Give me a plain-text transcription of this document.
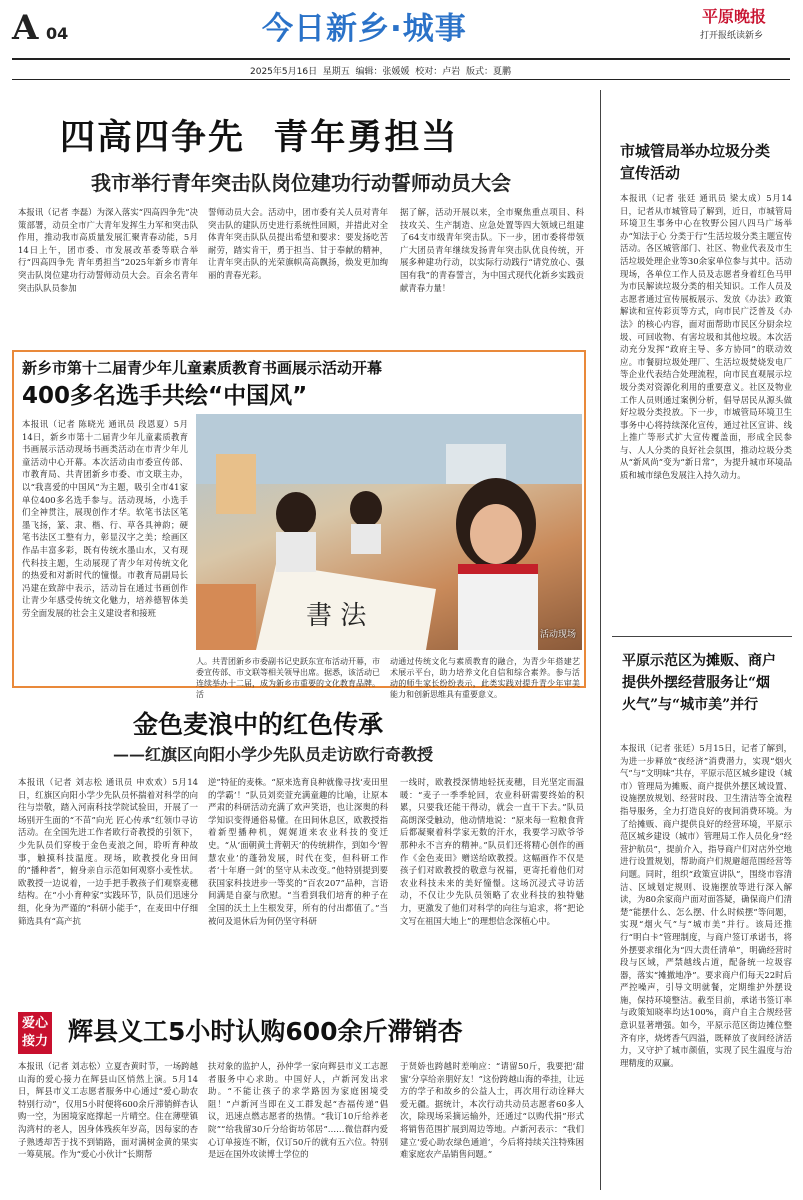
A 04	今日新乡·城事	平原晚报
打开报纸读新乡
2025年5月16日  星期五  编辑：张媛媛  校对：卢岩  版式：夏鹏
四高四争先  青年勇担当
我市举行青年突击队岗位建功行动誓师动员大会
本报讯（记者 李磊）为深入落实“四高四争先”决策部署，动员全市广大青年发挥生力军和突击队作用，推动我市高质量发展汇聚青春动能，5月14日上午，团市委、市发展改革委等联合举行“四高四争先 青年勇担当”2025年新乡市青年突击队岗位建功行动誓师动员大会。百余名青年突击队队员参加
誓师动员大会。活动中，团市委有关人员对青年突击队的建队历史进行系统性回顾，并措此对全体青年突击队队员提出希望和要求：要发扬吃苦耐劳，踏实肯干，勇于担当、甘于奉献的精神，让青年突击队的光荣旗帜高高飘扬，焕发更加绚丽的青春光彩。
据了解，活动开展以来，全市聚焦重点项目、科技攻关、生产制造、应急处置等四大领域已组建了64支市级青年突击队。下一步，团市委将带领广大团员青年继续发扬青年突击队优良传统，开展多种建功行动，以实际行动践行“请党放心、强国有我”的青春誓言，为中国式现代化新乡实践贡献青春力量！
新乡市第十二届青少年儿童素质教育书画展示活动开幕
400多名选手共绘“中国风”
書 法
活动现场
本报讯（记者 陈晓光 通讯员 段恩夏）5月14日，新乡市第十二届青少年儿童素质教育书画展示活动现场书画类活动在市青少年儿童活动中心开幕。本次活动由市委宣传部、市教育局、共青团新乡市委、市文联主办，以“我喜爱的中国风”为主题，吸引全市41家单位400多名选手参与。活动现场，小选手们全神贯注，展现创作才华。软笔书法区笔墨飞扬，篆、隶、楷、行、草各具神韵；硬笔书法区工整有力，彰显汉字之美；绘画区作品丰富多彩，既有传统水墨山水，又有现代科技主题，生动展现了青少年对传统文化的热爱和对新时代的憧憬。市教育局副局长冯建在致辞中表示，活动旨在通过书画创作让青少年感受传统文化魅力，培养德智体美劳全面发展的社会主义建设者和接班
人。共青团新乡市委副书记史跃东宣布活动开幕，市委宣传部、市文联等相关领导出席。据悉，该活动已连续举办十二届，成为新乡市重要的文化教育品牌。活
动通过传统文化与素质教育的融合，为青少年搭建艺术展示平台，助力培养文化自信和综合素养。参与活动的师生家长纷纷表示，此类实践对提升青少年审美能力和创新思维具有重要意义。
金色麦浪中的红色传承
——红旗区向阳小学少先队员走访欧行奇教授
本报讯（记者 刘志松 通讯员 申欢欢）5月14日，红旗区向阳小学少先队员怀揣着对科学的向往与崇敬，踏入河南科技学院试验田，开展了一场别开生面的“不苗”向光 匠心传承”红领巾寻访活动。在全国先进工作者欧行奇教授的引领下，少先队员们穿梭于金色麦浪之间，聆听育种故事，触摸科技温度。现场，欧教授化身田间的“播种者”，俯身亲自示范如何观察小麦性状。欧教授一边说着，一边手把手教孩子们观察麦穗结构。在“小小育种家”实践环节，队员们迅速分组，化身为严谨的“科研小能手”，在麦田中仔细筛选具有“高产抗
逆”特征的麦株。“原来选育良种就像寻找‘麦田里的学霸’！”队员刘奕萱充满童趣的比喻，让原本严肃的科研活动充满了欢声笑语，也让深奥的科学知识变得通俗易懂。在田间休息区，欧教授指着新型播种机，娓娓道来农业科技的变迁史。“从‘面朝黄土背朝天’的传统耕作，到如今‘智慧农业’的蓬勃发展，时代在变，但科研工作者‘十年磨一剑’的坚守从未改变。”他特别提到要获国家科技进步一等奖的“百农207”品种，言语间满是自豪与欣慰。“当看到我们培育的种子在全国的沃土上生根发芽，所有的付出都值了。”当被问及退休后为何仍坚守科研
一线时，欧教授深情地轻抚麦穗，目光坚定而温暖：“麦子一季季轮回，农业科研需要终始的积累，只要我还能干得动，就会一直干下去。”队员高朗深受触动，他动情地说：“原来每一粒粮食背后都凝聚着科学家无数的汗水，我要学习欧爷爷那种永不言弃的精神。”队员们还将精心创作的画作《金色麦田》赠送给欧教授。这幅画作不仅是孩子们对欧教授的敬意与祝福，更寄托着他们对农业科技未来的美好憧憬。这场沉浸式寻访活动，不仅让少先队员领略了农业科技的独特魅力，更激发了他们对科学的向往与追求，将“把论文写在祖国大地上”的理想信念深植心中。
爱心接力 辉县义工5小时认购600余斤滞销杏
本报讯（记者 刘志松）立夏杏黄时节，一场跨越山海的爱心接力在辉县山区悄然上演。5月14日，辉县市义工志愿者服务中心通过“爱心助农特别行动”，仅用5小时便将600余斤滞销鲜杏认购一空，为困境家庭撑起一片晴空。住在薄壁镇沟湾村的老人，因身体残疾年岁高，因每家的杏子熟透却苦于找不到销路，面对满树金黄的果实一筹莫展。作为“爱心小伙计”长期帮
扶对象的监护人，孙仲学一家向辉县市义工志愿者服务中心求助。中国好人，卢新河发出求助。“不能让孩子的求学路因为家庭困境受阻！”卢新河当即在义工群发起“杏福传递”倡议，迅速点燃志愿者的热情。“我订10斤给养老院”“给我留30斤分给街坊邻居”……微信群内爱心订单接连不断，仅订50斤的就有五六位。特别是远在国外攻读博士学位的
于贤娇也跨越时差响应：“请留50斤，我要把‘甜蜜’分享给亲朋好友！”这份跨越山海的牵挂，让远方的学子和故乡的公益人士，再次用行动诠释大爱无疆。据统计，本次行动共动员志愿者60多人次，除现场采摘运输外，还通过“以购代捐”形式将销售范围扩展到周边等地。卢新河表示：“我们建立‘爱心助农绿色通道’，今后将持续关注特殊困难家庭农产品销售问题。”
市城管局举办垃圾分类宣传活动
本报讯（记者 张廷 通讯员 梁太成）5月14日，记者从市城管局了解到，近日，市城管局环境卫生事务中心在牧野公园八四马广场举办“知法于心 分类于行”生活垃圾分类主题宣传活动。各区城管部门、社区、物业代表及市生活垃圾处理企业等30余家单位参与其中。活动现场，各单位工作人员及志愿者身着红色马甲为市民解读垃圾分类的相关知识。工作人员及志愿者通过宣传展板展示、发放《办法》政策解读和宣传彩页等方式，向市民广泛普及《办法》的核心内容，面对面帮助市民区分厨余垃圾、可回收物、有害垃圾和其他垃圾。本次活动充分发挥“政府主导、多方协同”的联动效应。市餐厨垃圾处理厂、生活垃圾焚烧发电厂等企业代表结合处理流程，向市民直观展示垃圾分类对资源化利用的重要意义。社区及物业工作人员则通过案例分析，倡导居民从源头做好垃圾分类投放。下一步，市城管局环境卫生事务中心将持续深化宣传，通过社区宣讲、线上推广等形式扩大宣传覆盖面，形成全民参与、人人分类的良好社会氛围，推动垃圾分类从“新风尚”变为“新日常”，为提升城市环境品质和城市绿色发展注入持久动力。
平原示范区为摊贩、商户提供外摆经营服务让“烟火气”与“城市美”并行
本报讯（记者 张廷）5月15日，记者了解到，为进一步释放“夜经济”消费潜力，实现“烟火气”与“文明味”共存，平原示范区城乡建设（城市）管理局为摊贩、商户提供外摆区域设置、设施摆放规划、经营时段、卫生清洁等全流程指导服务，全力打造良好的夜间消费环境。为了给摊贩、商户提供良好的经营环境，平原示范区城乡建设（城市）管理局工作人员化身“经营护航员”，提前介入，指导商户们对店外空地进行设置规划，帮助商户们规避超范围经营等问题。同时，组织“政策宣讲队”，围绕市容清洁、区域划定规则、设施摆放等进行深入解读，为80余家商户面对面答疑，确保商户们清楚“能摆什么、怎么摆、什么时候摆”等问题，实现“烟火气”与“城市美”并行。该局还推行“明白卡”管理制度，与商户签订承诺书，将外摆要求细化为“四大责任清单”，明确经营时段与区域，严禁越线占道，配备统一垃圾容器，落实“摊撤地净”。要求商户们每天22时后严控噪声，引导文明就餐，定期维护外摆设施，保持环境整洁。截至目前，承诺书签订率与政策知晓率均达100%，商户自主合规经营意识显著增强。如今，平原示范区街边摊位整齐有序，烧烤香气四溢，既释放了夜间经济活力，又守护了城市颜值，实现了民生温度与治理精度的双赢。
